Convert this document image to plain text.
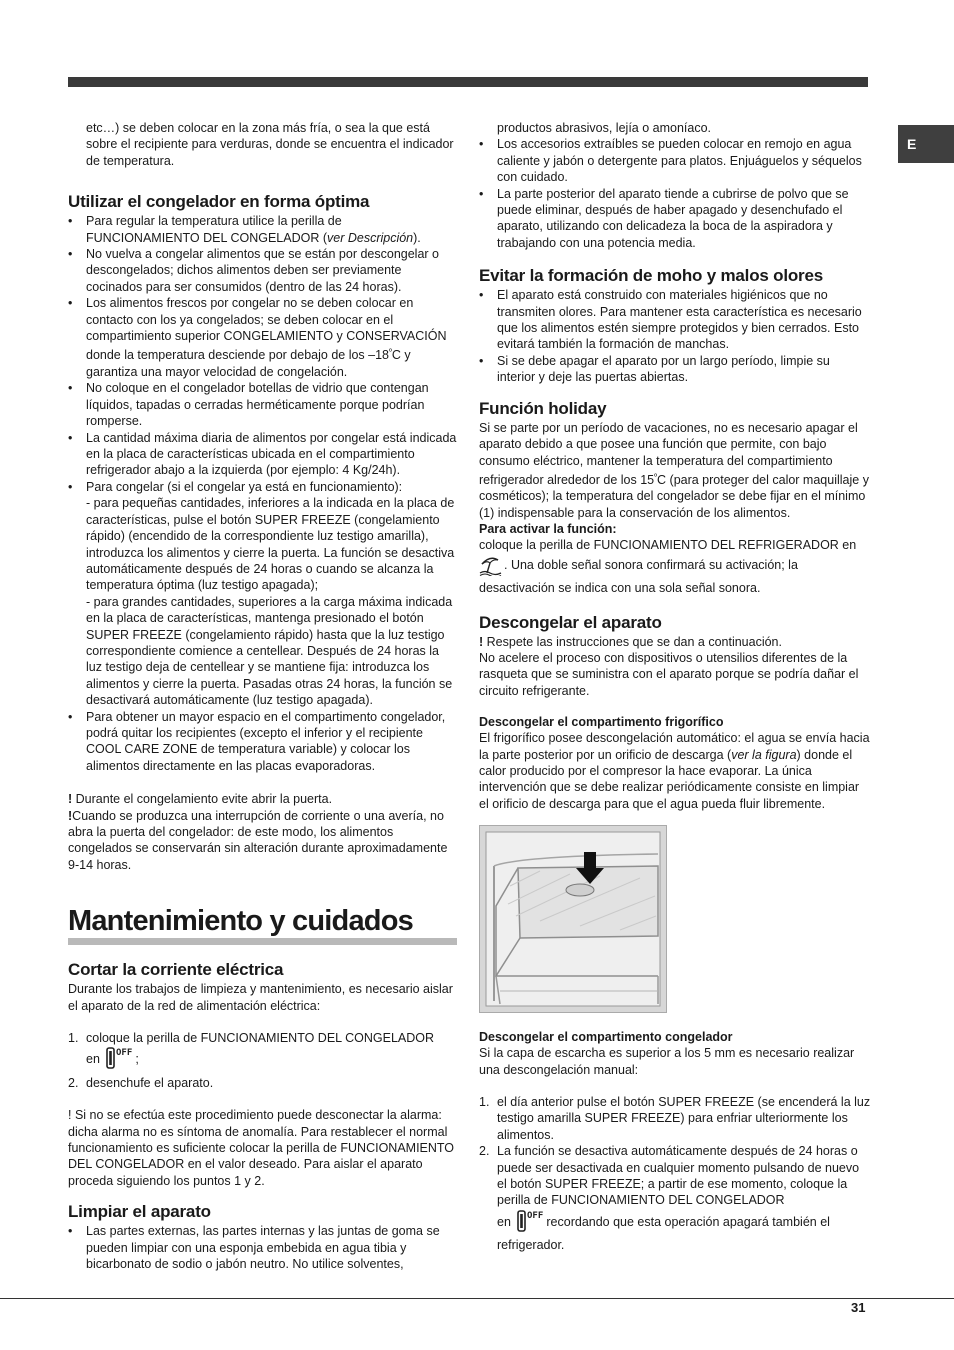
E

etc…) se deben colocar en la zona más fría, o sea la que está sobre el recipiente para verduras, donde se encuentra el indicador de temperatura.

Utilizar el congelador en forma óptima
• Para regular la temperatura utilice la perilla de FUNCIONAMIENTO DEL CONGELADOR (ver Descripción).
• No vuelva a congelar alimentos que se están por descongelar o descongelados; dichos alimentos deben ser previamente cocinados para ser consumidos (dentro de las 24 horas).
• Los alimentos frescos por congelar no se deben colocar en contacto con los ya congelados; se deben colocar en el compartimiento superior CONGELAMIENTO y CONSERVACIÓN donde la temperatura desciende por debajo de los $-18^ºC$ y garantiza una mayor velocidad de congelación.
• No coloque en el congelador botellas de vidrio que contengan líquidos, tapadas o cerradas herméticamente porque podrían romperse.
• La cantidad máxima diaria de alimentos por congelar está indicada en la placa de características ubicada en el compartimiento refrigerador abajo a la izquierda (por ejemplo: 4 Kg/24h).
• Para congelar (si el congelar ya está en funcionamiento):
- para pequeñas cantidades, inferiores a la indicada en la placa de características, pulse el botón SUPER FREEZE (congelamiento rápido) (encendido de la correspondiente luz testigo amarilla), introduzca los alimentos y cierre la puerta. La función se desactiva automáticamente después de 24 horas o cuando se alcanza la temperatura óptima (luz testigo apagada);
- para grandes cantidades, superiores a la carga máxima indicada en la placa de características, mantenga presionado el botón SUPER FREEZE (congelamiento rápido) hasta que la luz testigo correspondiente comience a centellear. Después de 24 horas la luz testigo deja de centellear y se mantiene fija: introduzca los alimentos y cierre la puerta. Pasadas otras 24 horas, la función se desactivará automáticamente (luz testigo apagada).
• Para obtener un mayor espacio en el compartimento congelador, podrá quitar los recipientes (excepto el inferior y el recipiente COOL CARE ZONE de temperatura variable) y colocar los alimentos directamente en las placas evaporadoras.

! Durante el congelamiento evite abrir la puerta.

!Cuando se produzca una interrupción de corriente o una avería, no abra la puerta del congelador: de este modo, los alimentos congelados se conservarán sin alteración durante aproximadamente 9-14 horas.

Mantenimiento y cuidados
Cortar la corriente eléctrica

Durante los trabajos de limpieza y mantenimiento, es necesario aislar el aparato de la red de alimentación eléctrica:

1. coloque la perilla de FUNCIONAMIENTO DEL CONGELADOR
en OFF ;
2. desenchufe el aparato.

! Si no se efectúa este procedimiento puede desconectar la alarma: dicha alarma no es síntoma de anomalía. Para restablecer el normal funcionamiento es suficiente colocar la perilla de FUNCIONAMIENTO DEL CONGELADOR en el valor deseado. Para aislar el aparato proceda siguiendo los puntos 1 y 2.

Limpiar el aparato
• Las partes externas, las partes internas y las juntas de goma se pueden limpiar con una esponja embebida en agua tibia y bicarbonato de sodio o jabón neutro. No utilice solventes,

productos abrasivos, lejía o amoníaco.

• Los accesorios extraíbles se pueden colocar en remojo en agua caliente y jabón o detergente para platos. Enjuáguelos y séquelos con cuidado.
• La parte posterior del aparato tiende a cubrirse de polvo que se puede eliminar, después de haber apagado y desenchufado el aparato, utilizando con delicadeza la boca de la aspiradora y trabajando con una potencia media.
Evitar la formación de moho y malos olores
• El aparato está construido con materiales higiénicos que no transmiten olores. Para mantener esta característica es necesario que los alimentos estén siempre protegidos y bien cerrados. Esto evitará también la formación de manchas.
• Si se debe apagar el aparato por un largo período, limpie su interior y deje las puertas abiertas.
Función holiday

Si se parte por un período de vacaciones, no es necesario apagar el aparato debido a que posee una función que permite, con bajo consumo eléctrico, mantener la temperatura del compartimiento refrigerador alrededor de los $15^ºC$ (para proteger del calor maquillaje y cosméticos); la temperatura del congelador se debe fijar en el mínimo (1) indispensable para la conservación de los alimentos.

Para activar la función:

coloque la perilla de FUNCIONAMIENTO DEL REFRIGERADOR en
. Una doble señal sonora confirmará su activación; la desactivación se indica con una sola señal sonora.

Descongelar el aparato

! Respete las instrucciones que se dan a continuación.

No acelere el proceso con dispositivos o utensilios diferentes de la rasqueta que se suministra con el aparato porque se podría dañar el circuito refrigerante.

Descongelar el compartimento frigorífico

El frigorífico posee descongelación automático: el agua se envía hacia la parte posterior por un orificio de descarga (ver la figura) donde el calor producido por el compresor la hace evaporar. La única intervención que se debe realizar periódicamente consiste en limpiar el orificio de descarga para que el agua pueda fluir libremente.

Descongelar el compartimento congelador

Si la capa de escarcha es superior a los 5 mm es necesario realizar una descongelación manual:

1. el día anterior pulse el botón SUPER FREEZE (se encenderá la luz testigo amarilla SUPER FREEZE) para enfriar ulteriormente los alimentos.
2. La función se desactiva automáticamente después de 24 horas o puede ser desactivada en cualquier momento pulsando de nuevo el botón SUPER FREEZE; a partir de ese momento, coloque la perilla de FUNCIONAMIENTO DEL CONGELADOR
en OFF recordando que esta operación apagará también el refrigerador.
31
